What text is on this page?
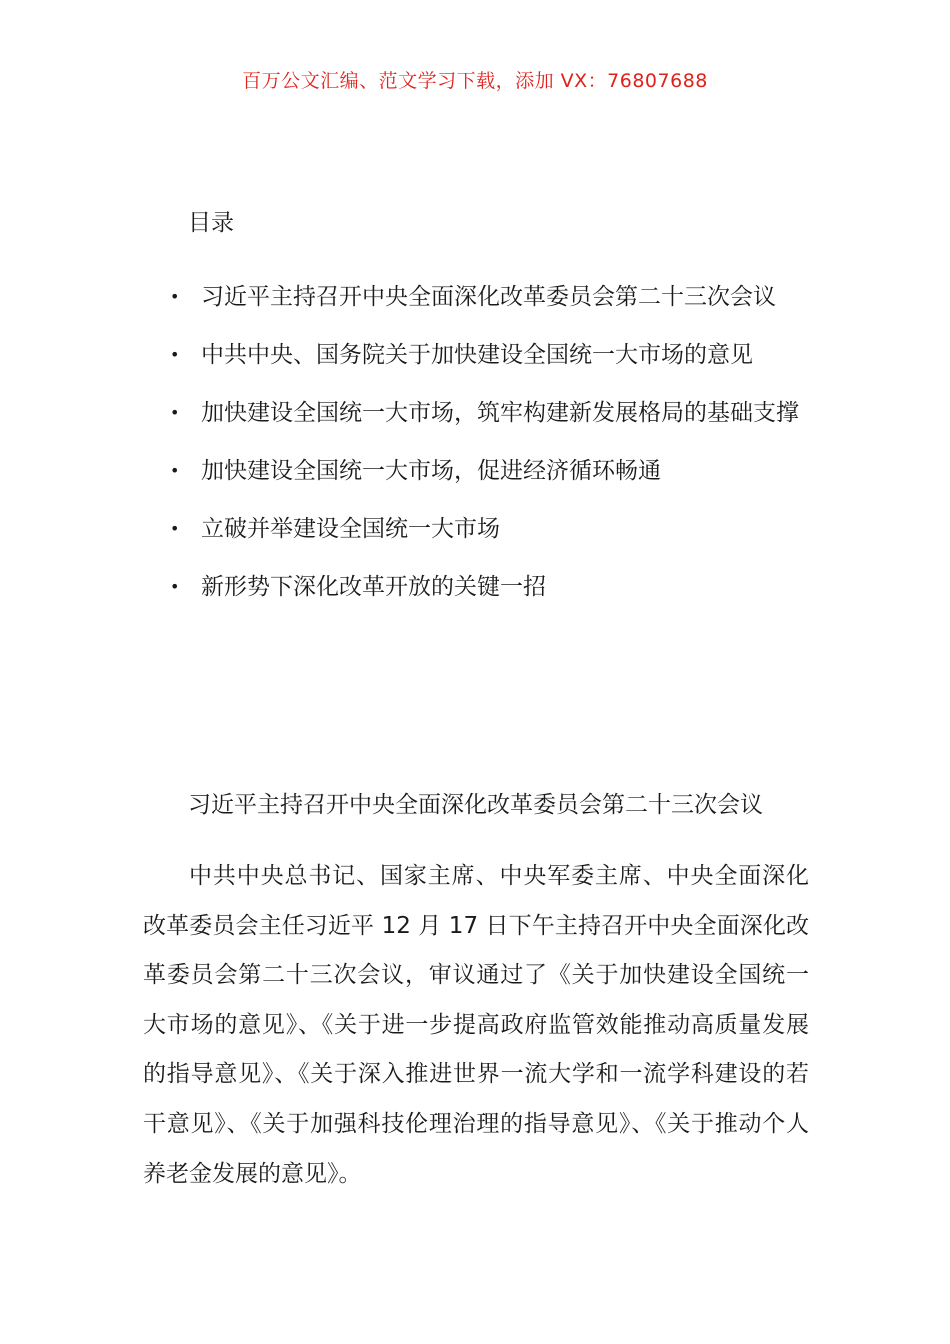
百万公文汇编、范文学习下载，添加 VX：76807688
目录
• 习近平主持召开中央全面深化改革委员会第二十三次会议
• 中共中央、国务院关于加快建设全国统一大市场的意见
• 加快建设全国统一大市场，筑牢构建新发展格局的基础支撑
• 加快建设全国统一大市场，促进经济循环畅通
• 立破并举建设全国统一大市场
• 新形势下深化改革开放的关键一招
习近平主持召开中央全面深化改革委员会第二十三次会议

中共中央总书记、国家主席、中央军委主席、中央全面深化改革委员会主任习近平 12 月 17 日下午主持召开中央全面深化改革委员会第二十三次会议，审议通过了《关于加快建设全国统一大市场的意见》、《关于进一步提高政府监管效能推动高质量发展的指导意见》、《关于深入推进世界一流大学和一流学科建设的若干意见》、《关于加强科技伦理治理的指导意见》、《关于推动个人养老金发展的意见》。
